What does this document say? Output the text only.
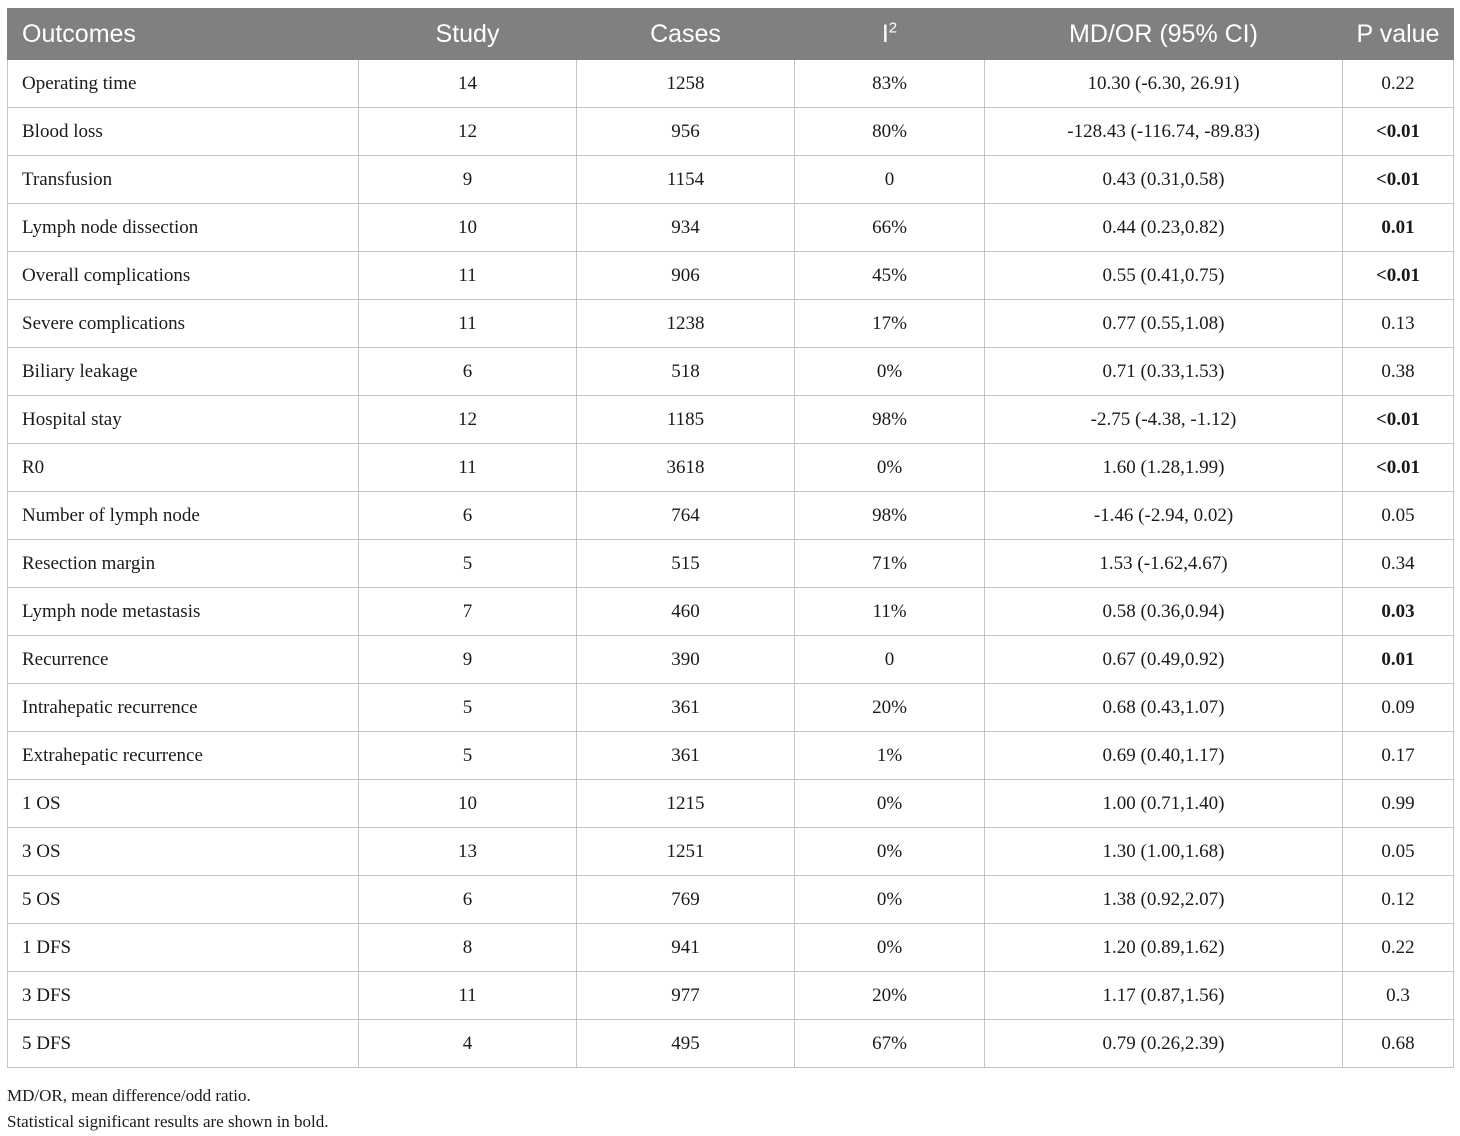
Outcomes	Study	Cases	$I^2$	MD/OR (95% CI)	P value
Operating time	14	1258	83%	10.30 (-6.30, 26.91)	0.22
Blood loss	12	956	80%	-128.43 (-116.74, -89.83)	<0.01
Transfusion	9	1154	0	0.43 (0.31,0.58)	<0.01
Lymph node dissection	10	934	66%	0.44 (0.23,0.82)	0.01
Overall complications	11	906	45%	0.55 (0.41,0.75)	<0.01
Severe complications	11	1238	17%	0.77 (0.55,1.08)	0.13
Biliary leakage	6	518	0%	0.71 (0.33,1.53)	0.38
Hospital stay	12	1185	98%	-2.75 (-4.38, -1.12)	<0.01
R0	11	3618	0%	1.60 (1.28,1.99)	<0.01
Number of lymph node	6	764	98%	-1.46 (-2.94, 0.02)	0.05
Resection margin	5	515	71%	1.53 (-1.62,4.67)	0.34
Lymph node metastasis	7	460	11%	0.58 (0.36,0.94)	0.03
Recurrence	9	390	0	0.67 (0.49,0.92)	0.01
Intrahepatic recurrence	5	361	20%	0.68 (0.43,1.07)	0.09
Extrahepatic recurrence	5	361	1%	0.69 (0.40,1.17)	0.17
1 OS	10	1215	0%	1.00 (0.71,1.40)	0.99
3 OS	13	1251	0%	1.30 (1.00,1.68)	0.05
5 OS	6	769	0%	1.38 (0.92,2.07)	0.12
1 DFS	8	941	0%	1.20 (0.89,1.62)	0.22
3 DFS	11	977	20%	1.17 (0.87,1.56)	0.3
5 DFS	4	495	67%	0.79 (0.26,2.39)	0.68
MD/OR, mean difference/odd ratio.
Statistical significant results are shown in bold.
